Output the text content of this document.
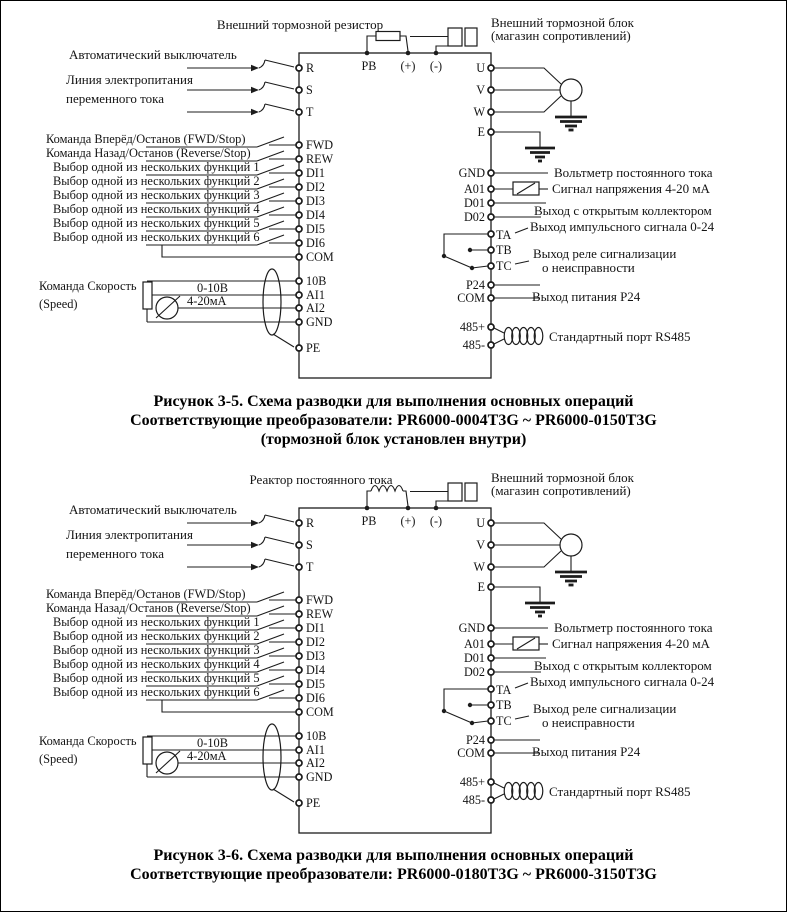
Внешний тормозной резистор	Внешний тормозной блок
(магазин сопротивлений)
PB (+) (-)
Автоматический выключатель
Линия электропитания
переменного тока
R
S
T
Команда Вперёд/Останов (FWD/Stop)
Команда Назад/Останов (Reverse/Stop)
Выбор одной из нескольких функций 1
Выбор одной из нескольких функций 2
Выбор одной из нескольких функций 3
Выбор одной из нескольких функций 4
Выбор одной из нескольких функций 5
Выбор одной из нескольких функций 6
FWD
REW
DI1
DI2
DI3
DI4
DI5
DI6
COM
Команда Скорость
(Speed)
0-10В
4-20мА
10B
AI1
AI2
GND
PE
U
V
W
E
GND
A01
D01
D02
TA
TB
TC
P24
COM
485+
485-
Вольтметр постоянного тока
Сигнал напряжения 4-20 мА
Выход с открытым коллектором
Выход импульсного сигнала 0-24
Выход реле сигнализации
о неисправности
Выход питания P24
Стандартный порт RS485
Рисунок 3-5. Схема разводки для выполнения основных операций
Соответствующие преобразователи: PR6000-0004T3G ~ PR6000-0150T3G
(тормозной блок установлен внутри)
Реактор постоянного тока	Внешний тормозной блок
(магазин сопротивлений)
PB (+) (-)
Автоматический выключатель
Линия электропитания
переменного тока
R
S
T
Команда Вперёд/Останов (FWD/Stop)
Команда Назад/Останов (Reverse/Stop)
Выбор одной из нескольких функций 1
Выбор одной из нескольких функций 2
Выбор одной из нескольких функций 3
Выбор одной из нескольких функций 4
Выбор одной из нескольких функций 5
Выбор одной из нескольких функций 6
FWD
REW
DI1
DI2
DI3
DI4
DI5
DI6
COM
Команда Скорость
(Speed)
0-10В
4-20мА
10B
AI1
AI2
GND
PE
U
V
W
E
GND
A01
D01
D02
TA
TB
TC
P24
COM
485+
485-
Вольтметр постоянного тока
Сигнал напряжения 4-20 мА
Выход с открытым коллектором
Выход импульсного сигнала 0-24
Выход реле сигнализации
о неисправности
Выход питания P24
Стандартный порт RS485
Рисунок 3-6. Схема разводки для выполнения основных операций
Соответствующие преобразователи: PR6000-0180T3G ~ PR6000-3150T3G
